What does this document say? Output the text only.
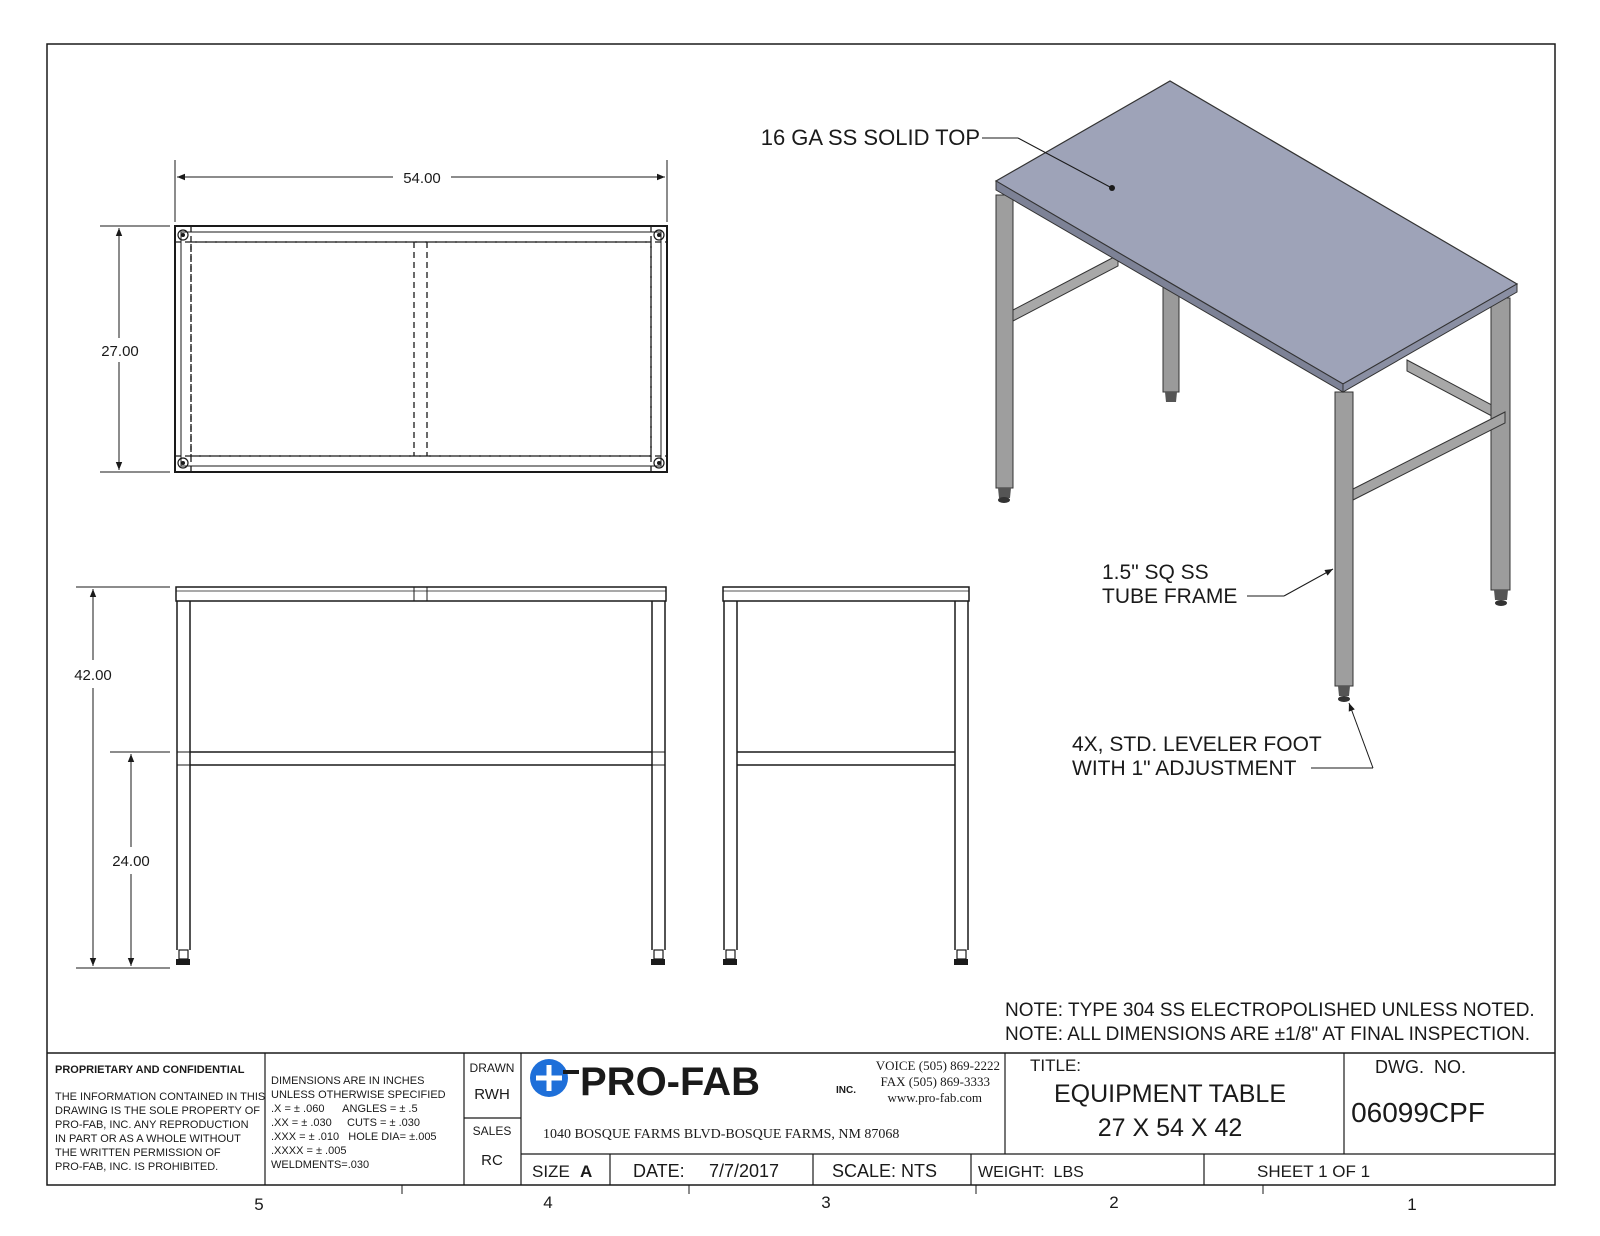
54.00
27.00
42.00
24.00
16 GA SS SOLID TOP
1.5" SQ SS
TUBE FRAME
4X, STD. LEVELER FOOT
WITH 1" ADJUSTMENT
NOTE: TYPE 304 SS ELECTROPOLISHED UNLESS NOTED.
NOTE: ALL DIMENSIONS ARE ±1/8" AT FINAL INSPECTION.
PROPRIETARY AND CONFIDENTIAL
THE INFORMATION CONTAINED IN THIS
DRAWING IS THE SOLE PROPERTY OF
PRO-FAB, INC. ANY REPRODUCTION
IN PART OR AS A WHOLE WITHOUT
THE WRITTEN PERMISSION OF
PRO-FAB, INC. IS PROHIBITED.
DIMENSIONS ARE IN INCHES
UNLESS OTHERWISE SPECIFIED
.X = ± .060      ANGLES = ± .5
.XX = ± .030     CUTS = ± .030
.XXX = ± .010   HOLE DIA= ±.005
.XXXX = ± .005
WELDMENTS=.030
DRAWN
RWH
SALES
RC
PRO-FAB	INC.
VOICE (505) 869-2222
FAX (505) 869-3333
www.pro-fab.com
1040 BOSQUE FARMS BLVD-BOSQUE FARMS, NM 87068
TITLE:
EQUIPMENT TABLE
27 X 54 X 42
DWG.  NO.
06099CPF
SIZE A DATE: 7/7/2017	SCALE: NTS	WEIGHT:  LBS	SHEET 1 OF 1
5	4	3	2	1
